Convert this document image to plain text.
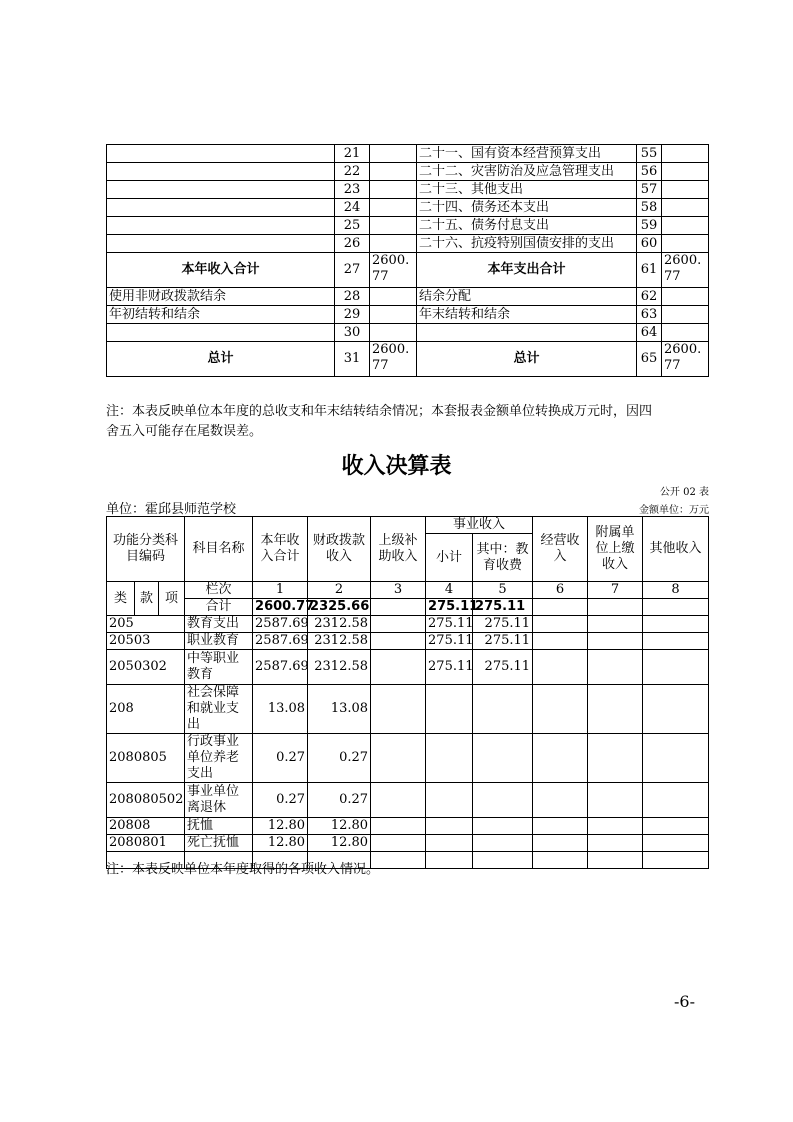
	21		二十一、国有资本经营预算支出	55	
	22		二十二、灾害防治及应急管理支出	56	
	23		二十三、其他支出	57	
	24		二十四、债务还本支出	58	
	25		二十五、债务付息支出	59	
	26		二十六、抗疫特别国债安排的支出	60	
本年收入合计	27	2600.77	本年支出合计	61	2600.77
使用非财政拨款结余	28		结余分配	62	
年初结转和结余	29		年末结转和结余	63	
	30			64	
总计	31	2600.77	总计	65	2600.77
注：本表反映单位本年度的总收支和年末结转结余情况；本套报表金额单位转换成万元时，因四
舍五入可能存在尾数误差。
收入决算表
公开 02 表
单位：霍邱县师范学校	金额单位：万元
功能分类科目编码			科目名称	本年收入合计	财政拨款收入	上级补助收入	事业收入		经营收入	附属单位上缴收入	其他收入
							小计	其中：教育收费			
类	款	项	栏次	1	2	3	4	5	6	7	8
			合计	2600.77	2325.66		275.11	275.11			
205			教育支出	2587.69	2312.58		275.11	275.11			
20503			职业教育	2587.69	2312.58		275.11	275.11			
2050302			中等职业教育	2587.69	2312.58		275.11	275.11			
208			社会保障和就业支出	13.08	13.08						
2080805			行政事业单位养老支出	0.27	0.27						
208080502			事业单位离退休	0.27	0.27						
20808			抚恤	12.80	12.80						
2080801			死亡抚恤	12.80	12.80						

注：本表反映单位本年度取得的各项收入情况。
-6-
